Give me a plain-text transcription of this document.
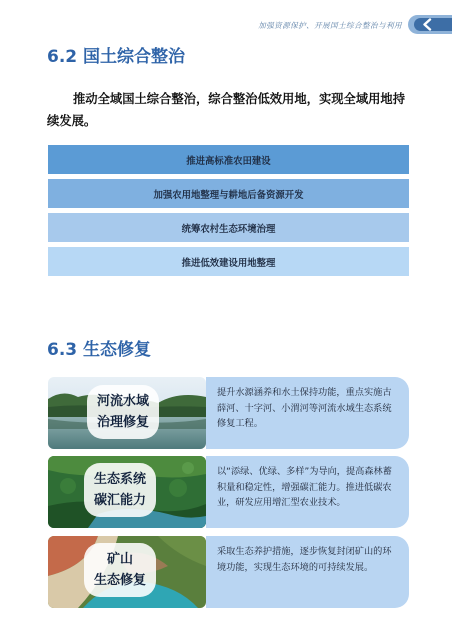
加强资源保护、开展国土综合整治与利用
6.2 国土综合整治

推动全域国土综合整治，综合整治低效用地，实现全域用地持续发展。

推进高标准农田建设
加强农用地整理与耕地后备资源开发
统筹农村生态环境治理
推进低效建设用地整理
6.3 生态修复
河流水域
治理修复
提升水源涵养和水土保持功能，重点实施古薛河、十字河、小渭河等河流水域生态系统修复工程。
生态系统
碳汇能力
以“添绿、优绿、多样”为导向，提高森林蓄积量和稳定性，增强碳汇能力。推进低碳农业，研发应用增汇型农业技术。
矿山
生态修复
采取生态养护措施，逐步恢复封闭矿山的环境功能，实现生态环境的可持续发展。
